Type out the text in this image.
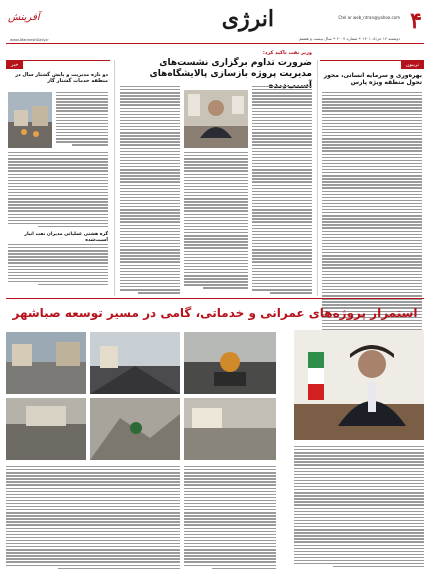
۴
Ctel ar web_ntran@yahoo.com
انرژی
دوشنبه ۱۴ خرداد ۱۴۰۱ • شماره ۶۰۰۷ • سال بیست و هشتم
آفرینش
www.AfarineshDaily.ir
تریبون
بهره‌وری و سرمایه انسانی، محور تحول منطقه ویژه پارس
وزیر نفت تاکید کرد:
ضرورت تداوم برگزاری نشست‌های مدیریت پروژه بازسازی پالایشگاه‌های
خبر
دو نازه مدیریت و پایش گشتار سال در منطقه خدمات گشتار گاز
گره هشتی عملیاتی مدیران نفت انبار آسیب‌شده
استمرار پروژه‌های عمرانی و خدماتی، گامی در مسیر توسعه صباشهر
